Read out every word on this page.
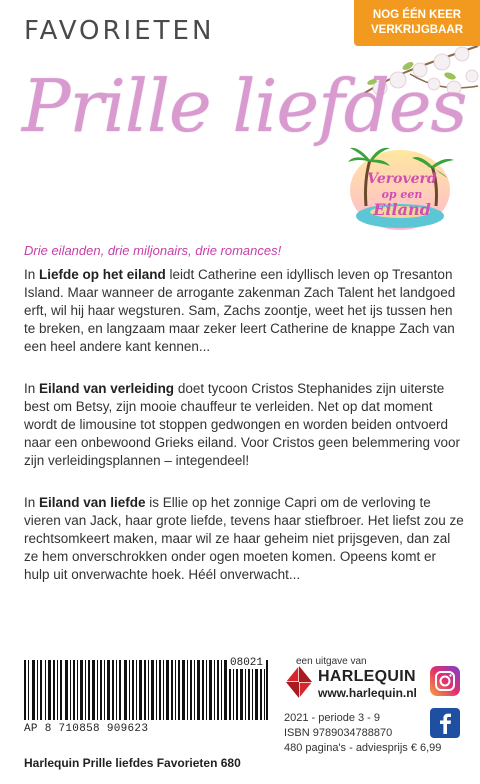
NOG ÉÉN KEER
VERKRIJGBAAR
FAVORIETEN
Prille liefdes
Veroverd
op een
Eiland
Drie eilanden, drie miljonairs, drie romances!
In Liefde op het eiland leidt Catherine een idyllisch leven op Tresanton Island. Maar wanneer de arrogante zakenman Zach Talent het landgoed erft, wil hij haar wegsturen. Sam, Zachs zoontje, weet het ijs tussen hen te breken, en langzaam maar zeker leert Catherine de knappe Zach van een heel andere kant kennen...
In Eiland van verleiding doet tycoon Cristos Stephanides zijn uiterste best om Betsy, zijn mooie chauffeur te verleiden. Net op dat moment wordt de limousine tot stoppen gedwongen en worden beiden ontvoerd naar een onbewoond Grieks eiland. Voor Cristos geen belemmering voor zijn verleidingsplannen – integendeel!
In Eiland van liefde is Ellie op het zonnige Capri om de verloving te vieren van Jack, haar grote liefde, tevens haar stiefbroer. Het liefst zou ze rechtsomkeert maken, maar wil ze haar geheim niet prijsgeven, dan zal ze hem onverschrokken onder ogen moeten komen. Opeens komt er hulp uit onverwachte hoek. Héél onverwacht...
08021
AP 8 710858 909623
een uitgave van
HARLEQUIN
www.harlequin.nl
2021 - periode 3 - 9
ISBN 9789034788870
480 pagina's - adviesprijs € 6,99
Harlequin Prille liefdes Favorieten 680
